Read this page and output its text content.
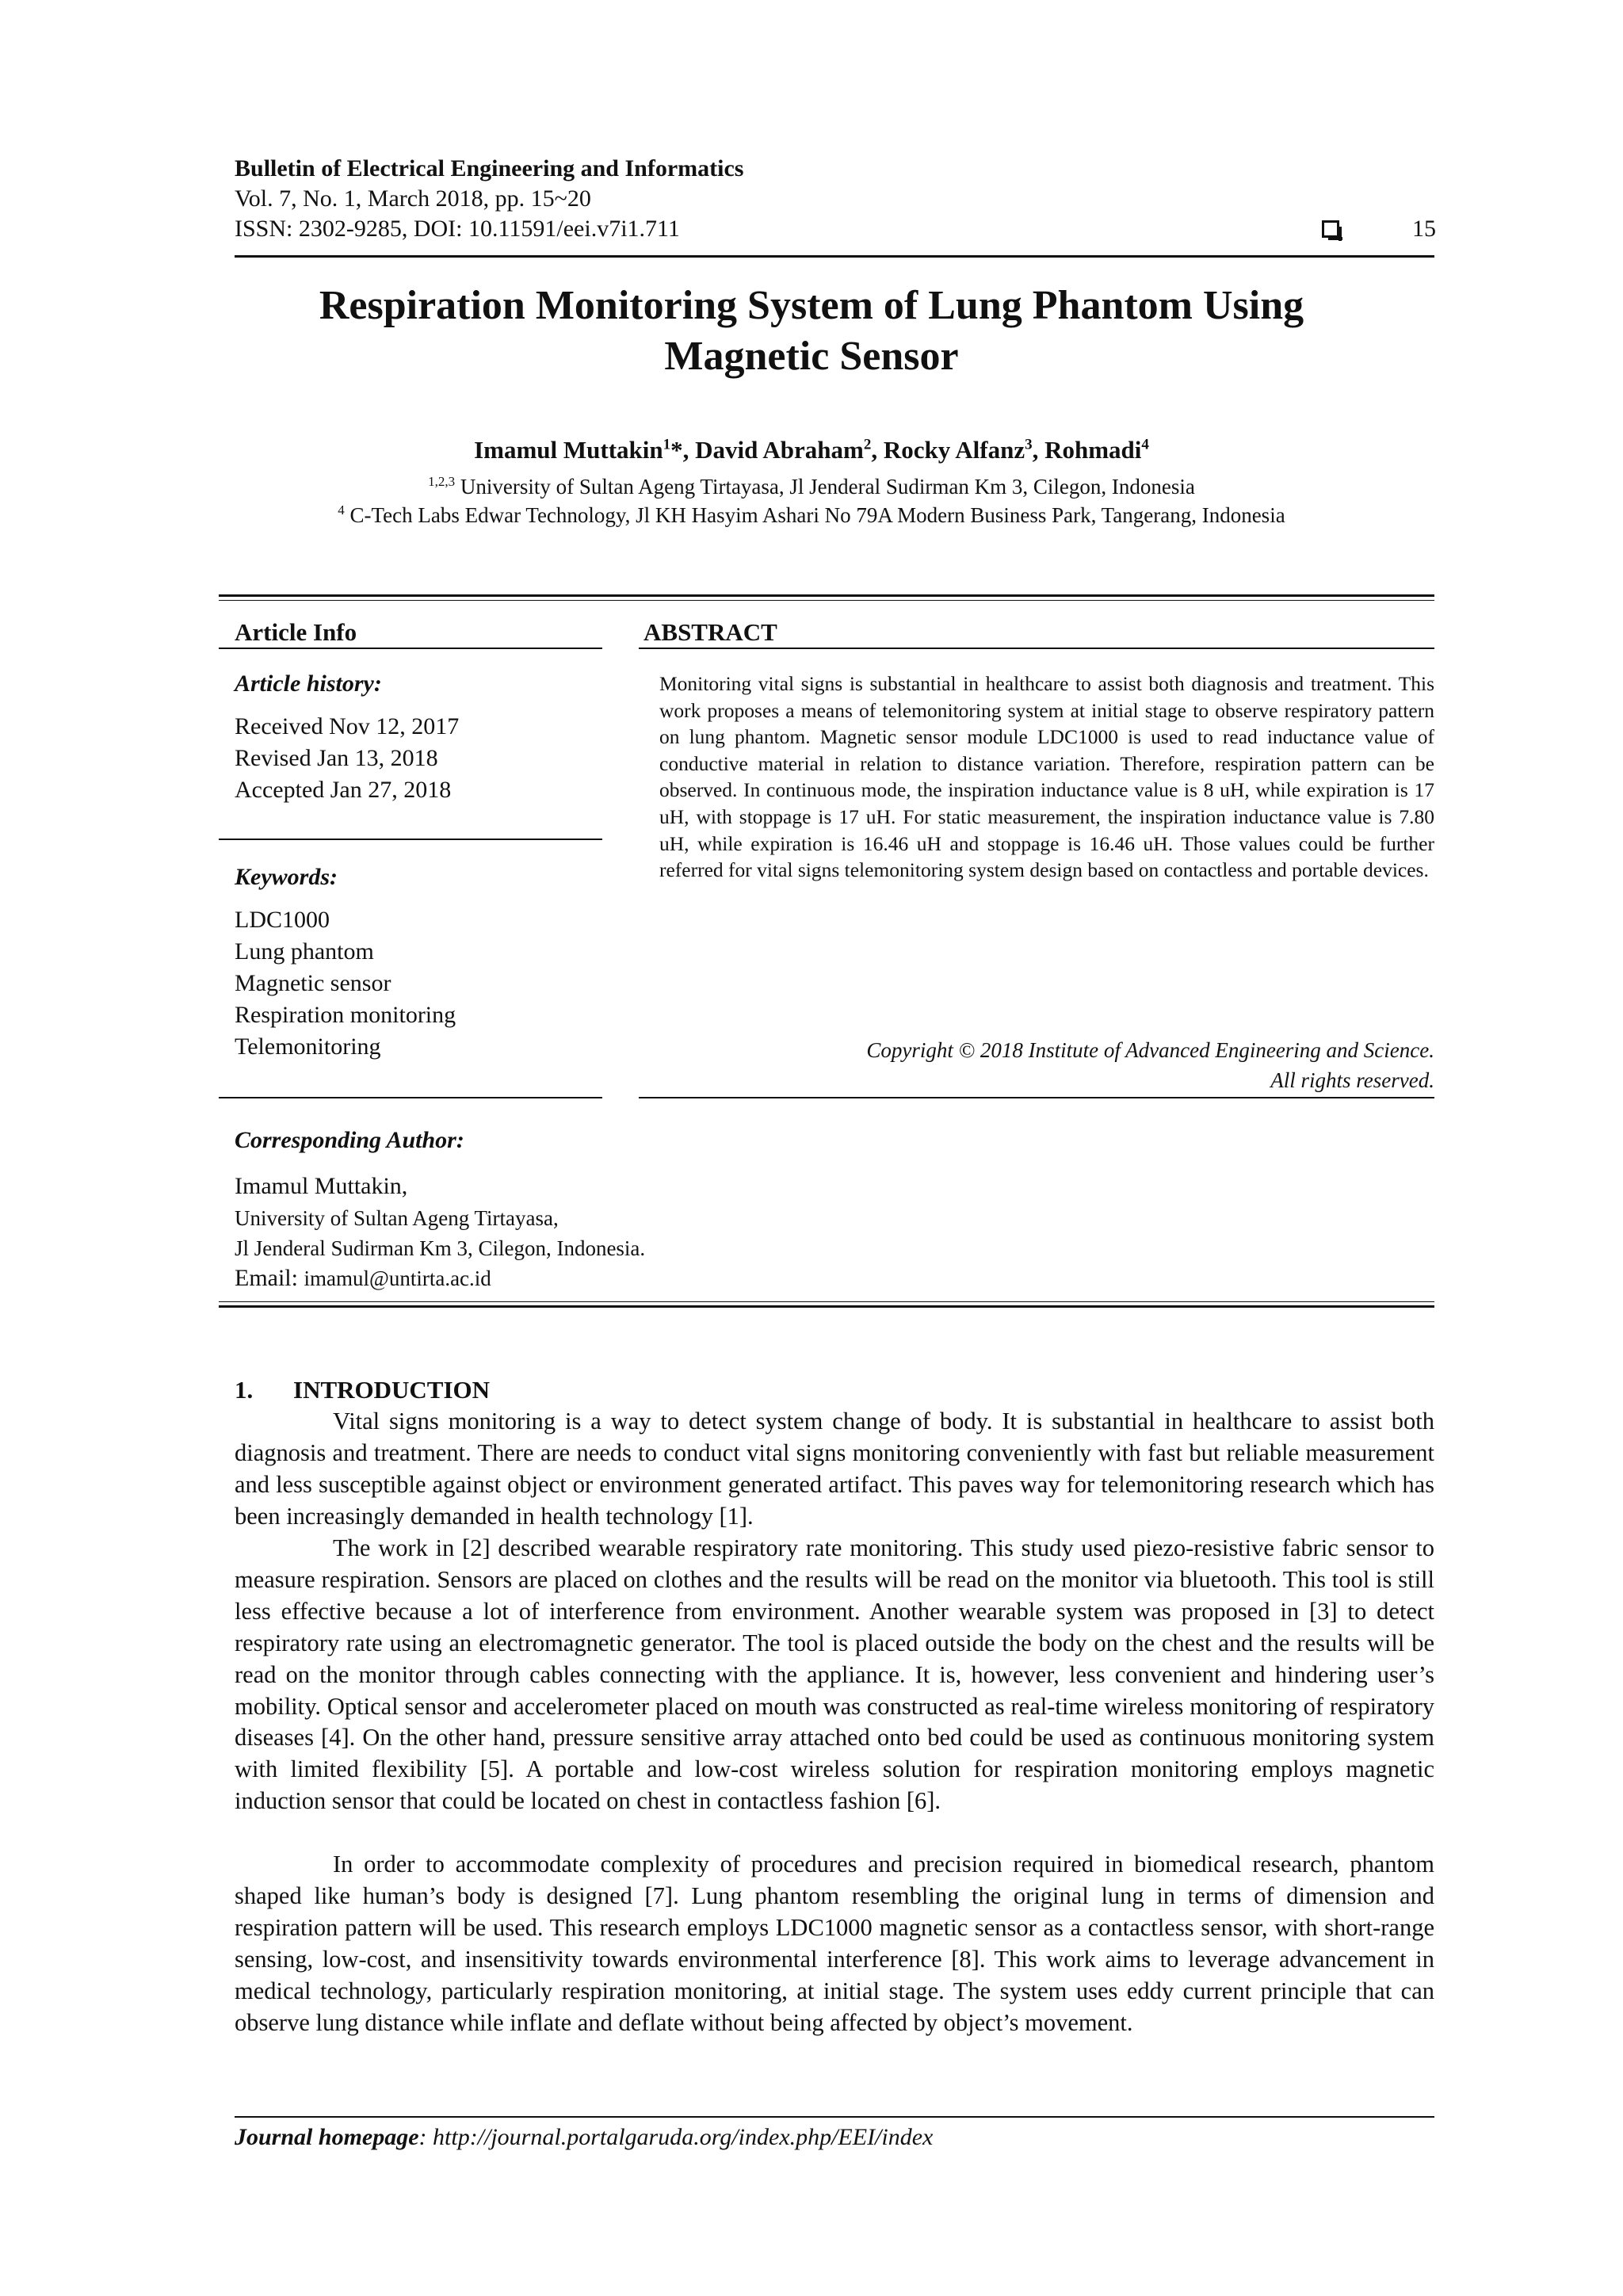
Bulletin of Electrical Engineering and Informatics
Vol. 7, No. 1, March 2018, pp. 15~20
ISSN: 2302-9285, DOI: 10.11591/eei.v7i1.711	15
Respiration Monitoring System of Lung Phantom Using
Magnetic Sensor
Imamul Muttakin$^1$*, David Abraham$^2$, Rocky Alfanz$^3$, Rohmadi$^4$
$^{1,2,3}$ University of Sultan Ageng Tirtayasa, Jl Jenderal Sudirman Km 3, Cilegon, Indonesia
$^4$ C-Tech Labs Edwar Technology, Jl KH Hasyim Ashari No 79A Modern Business Park, Tangerang, Indonesia
Article Info
Article history:
Received Nov 12, 2017
Revised Jan 13, 2018
Accepted Jan 27, 2018
Keywords:
LDC1000
Lung phantom
Magnetic sensor
Respiration monitoring
Telemonitoring
ABSTRACT
Monitoring vital signs is substantial in healthcare to assist both diagnosis and treatment. This work proposes a means of telemonitoring system at initial stage to observe respiratory pattern on lung phantom. Magnetic sensor module LDC1000 is used to read inductance value of conductive material in relation to distance variation. Therefore, respiration pattern can be observed. In continuous mode, the inspiration inductance value is 8 uH, while expiration is 17 uH, with stoppage is 17 uH. For static measurement, the inspiration inductance value is 7.80 uH, while expiration is 16.46 uH and stoppage is 16.46 uH. Those values could be further referred for vital signs telemonitoring system design based on contactless and portable devices.
Copyright © 2018 Institute of Advanced Engineering and Science.
All rights reserved.
Corresponding Author:
Imamul Muttakin,
University of Sultan Ageng Tirtayasa,
Jl Jenderal Sudirman Km 3, Cilegon, Indonesia.
Email: imamul@untirta.ac.id
1. INTRODUCTION
Vital signs monitoring is a way to detect system change of body. It is substantial in healthcare to assist both diagnosis and treatment. There are needs to conduct vital signs monitoring conveniently with fast but reliable measurement and less susceptible against object or environment generated artifact. This paves way for telemonitoring research which has been increasingly demanded in health technology [1].
The work in [2] described wearable respiratory rate monitoring. This study used piezo-resistive fabric sensor to measure respiration. Sensors are placed on clothes and the results will be read on the monitor via bluetooth. This tool is still less effective because a lot of interference from environment. Another wearable system was proposed in [3] to detect respiratory rate using an electromagnetic generator. The tool is placed outside the body on the chest and the results will be read on the monitor through cables connecting with the appliance. It is, however, less convenient and hindering user’s mobility. Optical sensor and accelerometer placed on mouth was constructed as real-time wireless monitoring of respiratory diseases [4]. On the other hand, pressure sensitive array attached onto bed could be used as continuous monitoring system with limited flexibility [5]. A portable and low-cost wireless solution for respiration monitoring employs magnetic induction sensor that could be located on chest in contactless fashion [6].
In order to accommodate complexity of procedures and precision required in biomedical research, phantom shaped like human’s body is designed [7]. Lung phantom resembling the original lung in terms of dimension and respiration pattern will be used. This research employs LDC1000 magnetic sensor as a contactless sensor, with short-range sensing, low-cost, and insensitivity towards environmental interference [8]. This work aims to leverage advancement in medical technology, particularly respiration monitoring, at initial stage. The system uses eddy current principle that can observe lung distance while inflate and deflate without being affected by object’s movement.
Journal homepage: http://journal.portalgaruda.org/index.php/EEI/index
